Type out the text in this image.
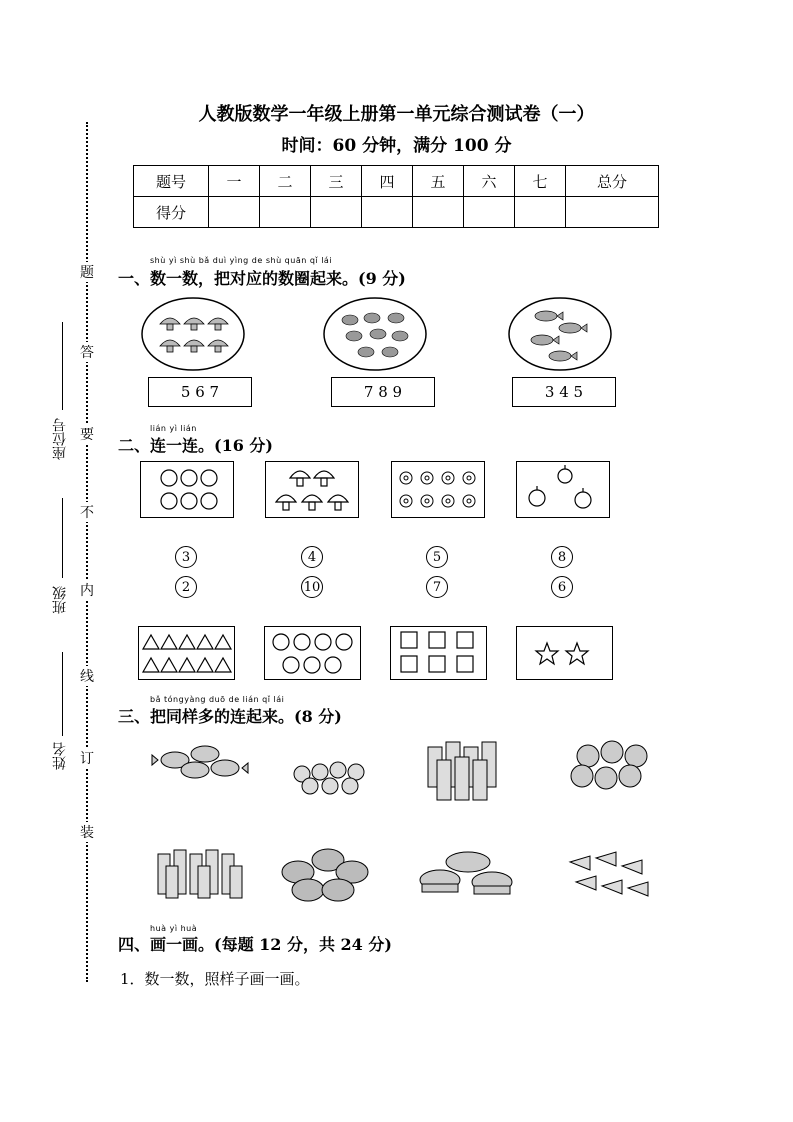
人教版数学一年级上册第一单元综合测试卷（一）
时间：60 分钟，满分 100 分
题号	一	二	三	四	五	六	七	总分
得分								
题
答
要
不
内
线
订
装
座位号
班级
姓名
shù yì shù bǎ duì yìng de shù quān qǐ lái
一、数一数，把对应的数圈起来。(9 分)
5 6 7	7 8 9	3 4 5
lián yì lián
二、连一连。(16 分)
3	4	5	8
2	10	7	6
bǎ tóngyàng duō de lián qǐ lái
三、把同样多的连起来。(8 分)
huà yì huà
四、画一画。(每题 12 分，共 24 分)
1．数一数，照样子画一画。
